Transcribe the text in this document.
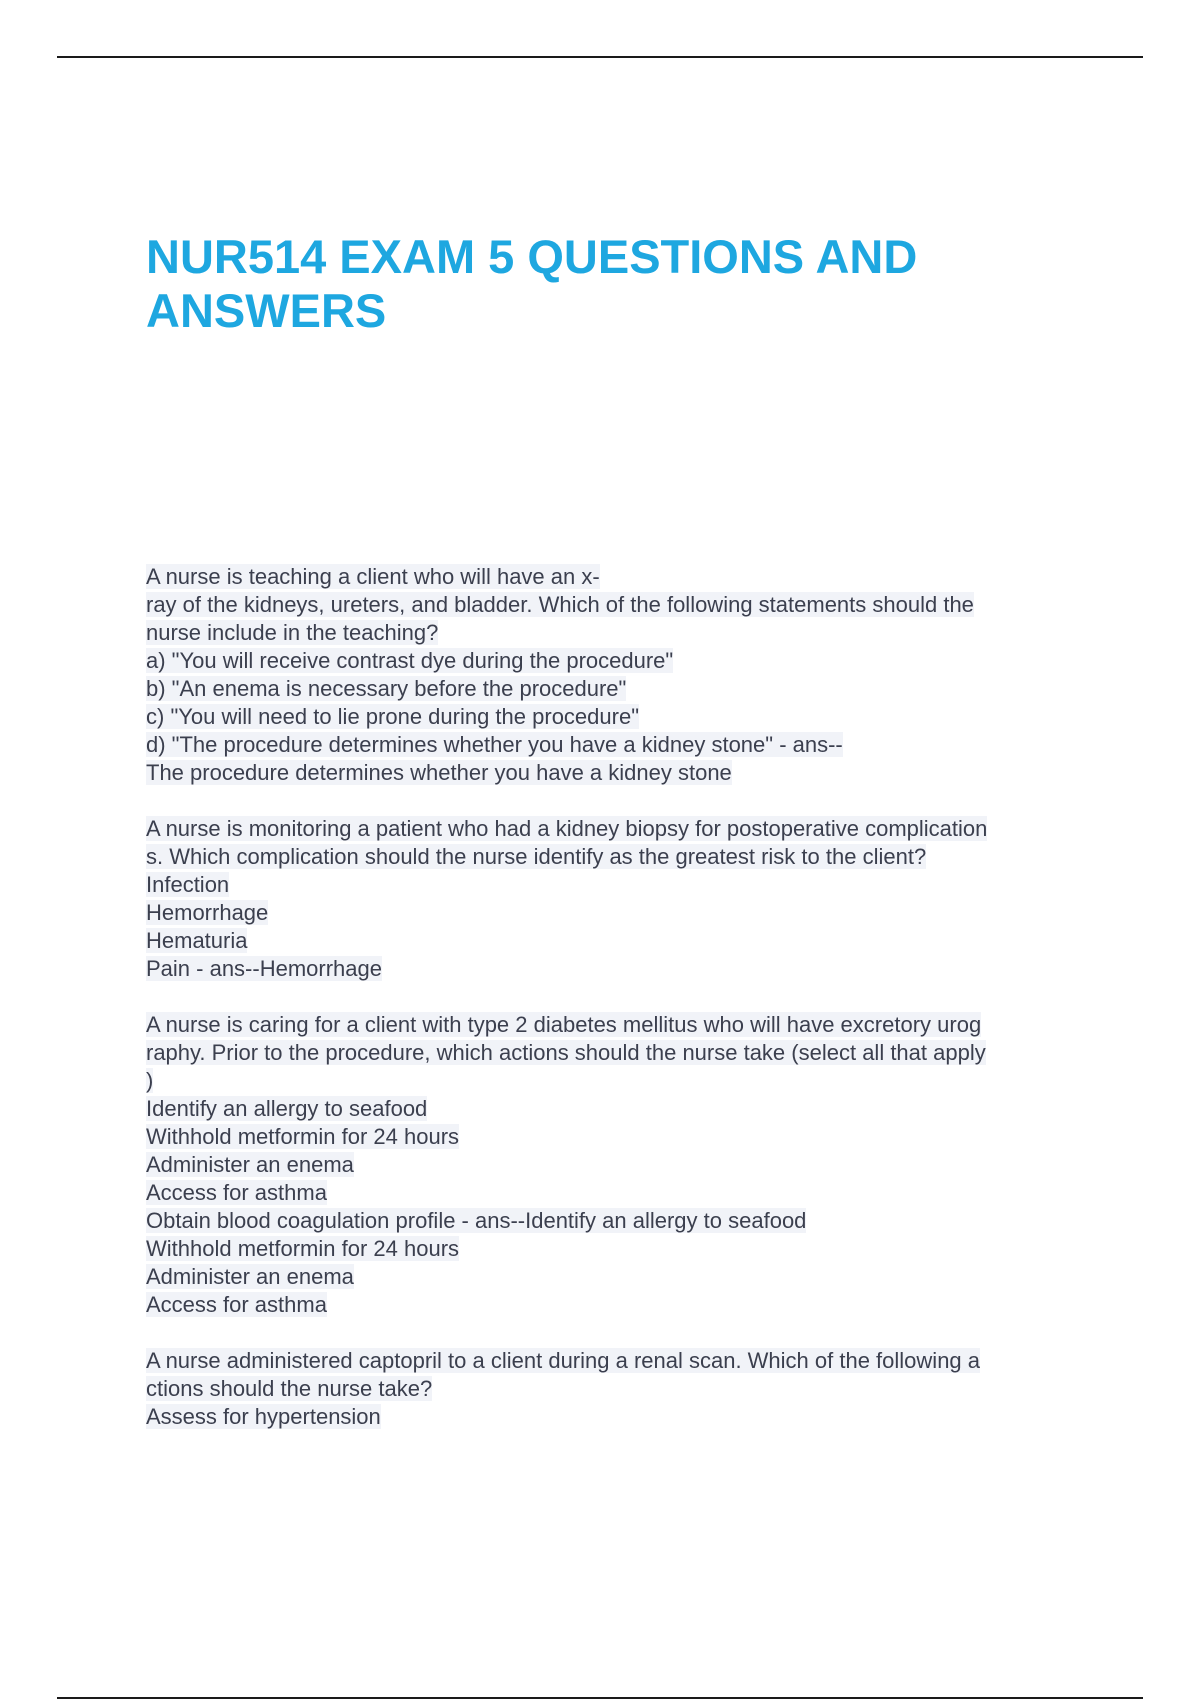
NUR514 EXAM 5 QUESTIONS AND ANSWERS
A nurse is teaching a client who will have an x-
ray of the kidneys, ureters, and bladder. Which of the following statements should the
nurse include in the teaching?
a) "You will receive contrast dye during the procedure"
b) "An enema is necessary before the procedure"
c) "You will need to lie prone during the procedure"
d) "The procedure determines whether you have a kidney stone" - ans--
The procedure determines whether you have a kidney stone
A nurse is monitoring a patient who had a kidney biopsy for postoperative complication
s. Which complication should the nurse identify as the greatest risk to the client?
Infection
Hemorrhage
Hematuria
Pain - ans--Hemorrhage
A nurse is caring for a client with type 2 diabetes mellitus who will have excretory urog
raphy. Prior to the procedure, which actions should the nurse take (select all that apply
)
Identify an allergy to seafood
Withhold metformin for 24 hours
Administer an enema
Access for asthma
Obtain blood coagulation profile - ans--Identify an allergy to seafood
Withhold metformin for 24 hours
Administer an enema
Access for asthma
A nurse administered captopril to a client during a renal scan. Which of the following a
ctions should the nurse take?
Assess for hypertension
